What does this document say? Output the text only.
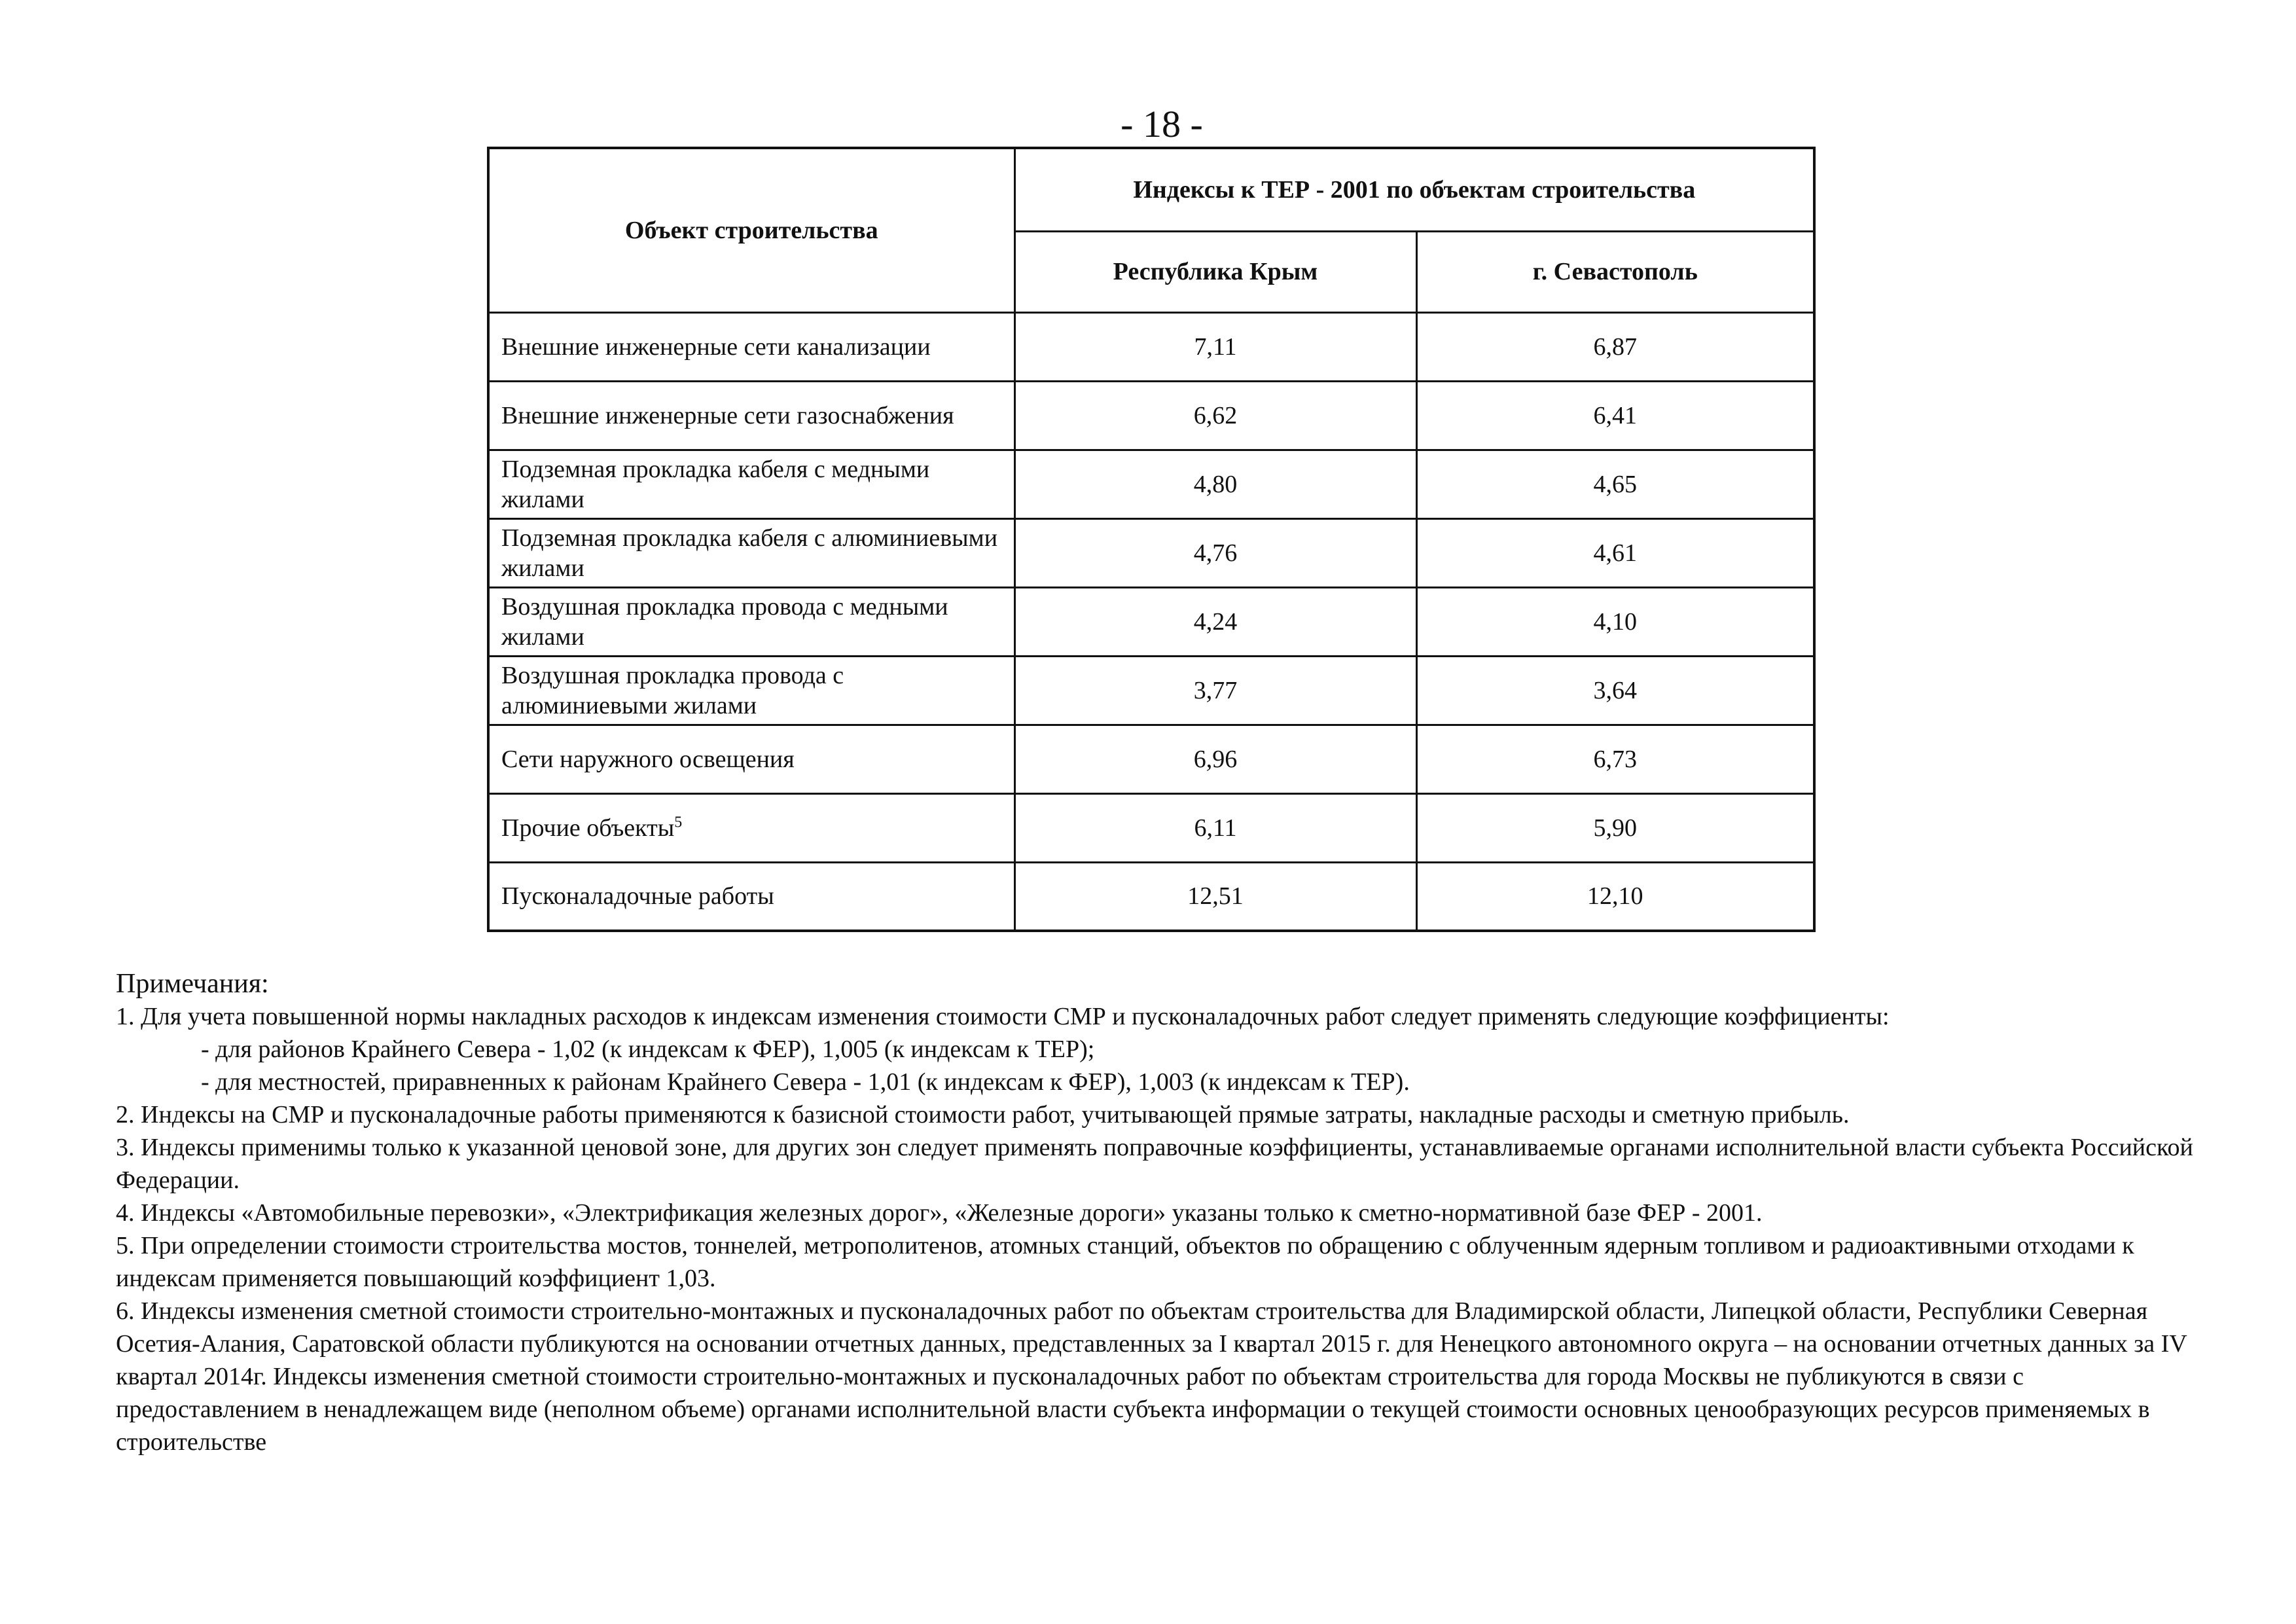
- 18 -
Объект строительства	Индексы к ТЕР - 2001 по объектам строительства	
	Республика Крым	г. Севастополь
Внешние инженерные сети канализации	7,11	6,87
Внешние инженерные сети газоснабжения	6,62	6,41
Подземная прокладка кабеля с медными жилами	4,80	4,65
Подземная прокладка кабеля с алюминиевыми жилами	4,76	4,61
Воздушная прокладка провода с медными жилами	4,24	4,10
Воздушная прокладка провода с алюминиевыми жилами	3,77	3,64
Сети наружного освещения	6,96	6,73
Прочие объекты$^5$	6,11	5,90
Пусконаладочные работы	12,51	12,10

Примечания:

1. Для учета повышенной нормы накладных расходов к индексам изменения стоимости СМР и пусконаладочных работ следует применять следующие коэффициенты:

- для районов Крайнего Севера - 1,02 (к индексам к ФЕР), 1,005 (к индексам к ТЕР);

- для местностей, приравненных к районам Крайнего Севера - 1,01 (к индексам к ФЕР), 1,003 (к индексам к ТЕР).

2. Индексы на СМР и пусконаладочные работы применяются к базисной стоимости работ, учитывающей прямые затраты, накладные расходы и сметную прибыль.

3. Индексы применимы только к указанной ценовой зоне, для других зон следует применять поправочные коэффициенты, устанавливаемые органами исполнительной власти субъекта Российской Федерации.

4. Индексы «Автомобильные перевозки», «Электрификация железных дорог», «Железные дороги» указаны только к сметно-нормативной базе ФЕР - 2001.

5. При определении стоимости строительства мостов, тоннелей, метрополитенов, атомных станций, объектов по обращению с облученным ядерным топливом и радиоактивными отходами к индексам применяется повышающий коэффициент 1,03.

6. Индексы изменения сметной стоимости строительно-монтажных и пусконаладочных работ по объектам строительства для Владимирской области, Липецкой области, Республики Северная Осетия-Алания, Саратовской области публикуются на основании отчетных данных, представленных за I квартал 2015 г. для Ненецкого автономного округа – на основании отчетных данных за IV квартал 2014г. Индексы изменения сметной стоимости строительно-монтажных и пусконаладочных работ по объектам строительства для города Москвы не публикуются в связи с предоставлением в ненадлежащем виде (неполном объеме) органами исполнительной власти субъекта информации о текущей стоимости основных ценообразующих ресурсов применяемых в строительстве
